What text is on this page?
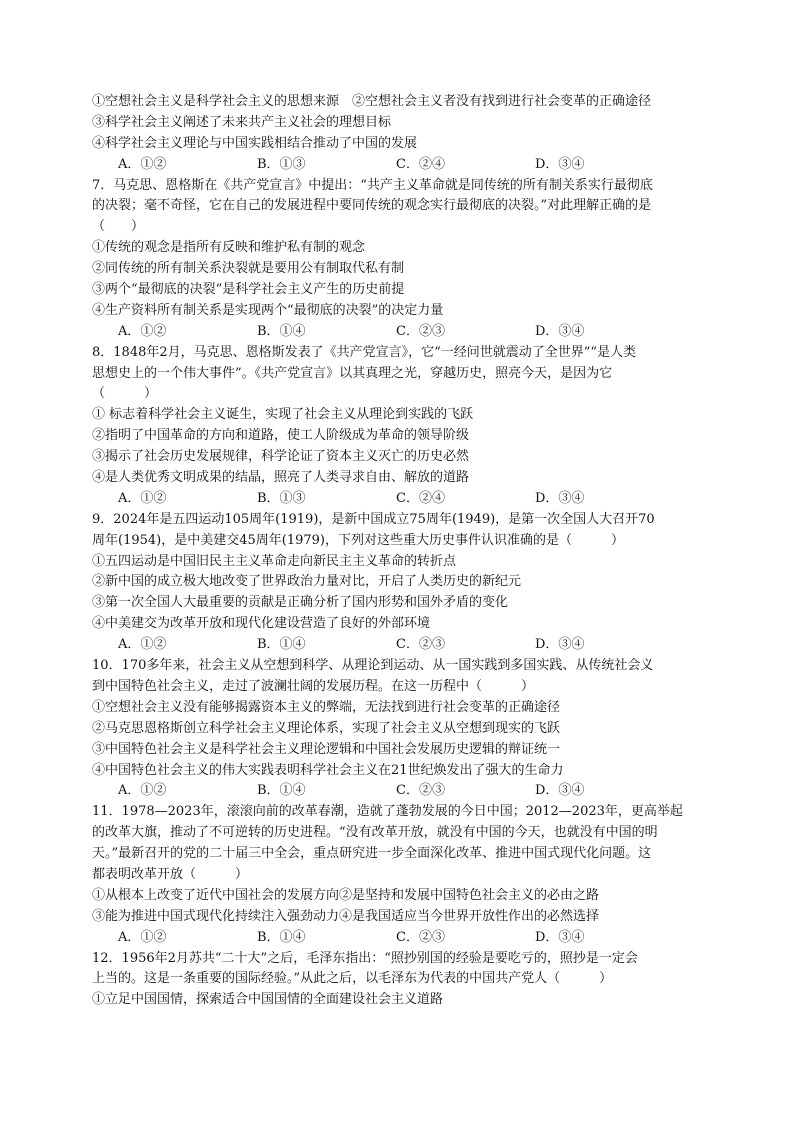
①空想社会主义是科学社会主义的思想来源　②空想社会主义者没有找到进行社会变革的正确途径
③科学社会主义阐述了未来共产主义社会的理想目标
④科学社会主义理论与中国实践相结合推动了中国的发展
A．①②	B．①③	C．②④	D．③④
7．马克思、恩格斯在《共产党宣言》中提出：“共产主义革命就是同传统的所有制关系实行最彻底
的决裂；毫不奇怪，它在自己的发展进程中要同传统的观念实行最彻底的决裂。”对此理解正确的是
（　　）
①传统的观念是指所有反映和维护私有制的观念
②同传统的所有制关系決裂就是要用公有制取代私有制
③两个“最彻底的决裂”是科学社会主义产生的历史前提
④生产资料所有制关系是实现两个“最彻底的决裂”的决定力量
A．①②	B．①④	C．②③	D．③④
8．1848年2月，马克思、恩格斯发表了《共产党宣言》，它“一经问世就震动了全世界”“是人类
思想史上的一个伟大事件”。《共产党宣言》以其真理之光，穿越历史，照亮今天，是因为它
（　　　）
① 标志着科学社会主义诞生，实现了社会主义从理论到实践的飞跃
②指明了中国革命的方向和道路，使工人阶级成为革命的领导阶级
③揭示了社会历史发展规律，科学论证了资本主义灭亡的历史必然
④是人类优秀文明成果的结晶，照亮了人类寻求自由、解放的道路
A．①②	B．①③	C．②④	D．③④
9．2024年是五四运动105周年(1919)，是新中国成立75周年(1949)，是第一次全国人大召开70
周年(1954)，是中美建交45周年(1979)，下列对这些重大历史事件认识准确的是（　　　）
①五四运动是中国旧民主主义革命走向新民主主义革命的转折点
②新中国的成立极大地改变了世界政治力量对比，开启了人类历史的新纪元
③第一次全国人大最重要的贡献是正确分析了国内形势和国外矛盾的变化
④中美建交为改革开放和现代化建设营造了良好的外部环境
A．①②	B．①④	C．②③	D．③④
10．170多年来，社会主义从空想到科学、从理论到运动、从一国实践到多国实践、从传统社会义
到中国特色社会主义，走过了波澜壮阔的发展历程。在这一历程中（　　　）
①空想社会主义没有能够揭露资本主义的弊端，无法找到进行社会变革的正确途径
②马克思恩格斯创立科学社会主义理论体系，实现了社会主义从空想到现实的飞跃
③中国特色社会主义是科学社会主义理论逻辑和中国社会发展历史逻辑的辩证统一
④中国特色社会主义的伟大实践表明科学社会主义在21世纪焕发出了强大的生命力
A．①②	B．①④	C．②③	D．③④
11．1978—2023年，滚滚向前的改革春潮，造就了蓬勃发展的今日中国；2012—2023年，更高举起
的改革大旗，推动了不可逆转的历史进程。“没有改革开放，就没有中国的今天，也就没有中国的明
天。”最新召开的党的二十届三中全会，重点研究进一步全面深化改革、推进中国式现代化问题。这
都表明改革开放（　　　）
①从根本上改变了近代中国社会的发展方向②是坚持和发展中国特色社会主义的必由之路
③能为推进中国式现代化持续注入强劲动力④是我国适应当今世界开放性作出的必然选择
A．①②	B．①④	C．②③	D．③④
12．1956年2月苏共“二十大”之后，毛泽东指出：“照抄别国的经验是要吃亏的，照抄是一定会
上当的。这是一条重要的国际经验。”从此之后，以毛泽东为代表的中国共产党人（　　　）
①立足中国国情，探索适合中国国情的全面建设社会主义道路
